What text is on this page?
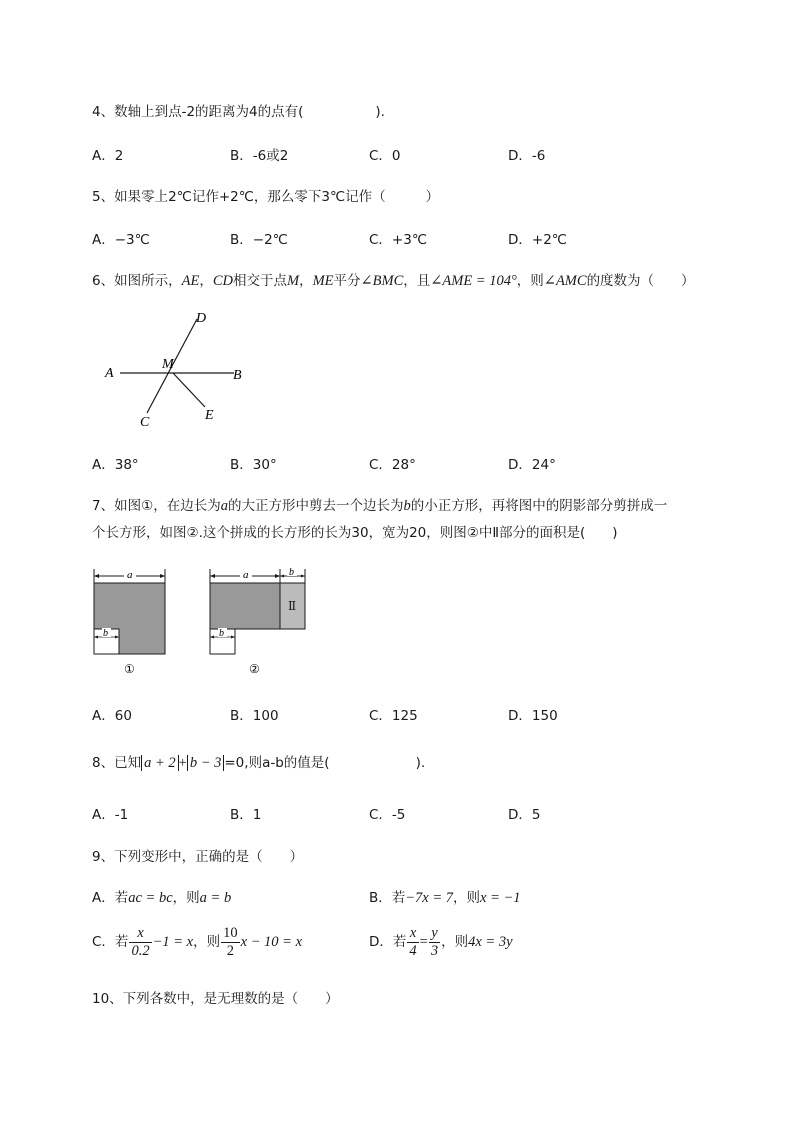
4、数轴上到点-2的距离为4的点有(	).
A．2	B．-6或2	C．0	D．-6
5、如果零上2℃记作+2℃，那么零下3℃记作（	）
A．−3℃	B．−2℃	C．+3℃	D．+2℃
6、如图所示，AE，CD相交于点M，ME平分∠BMC，且∠AME = 104°，则∠AMC的度数为（　　）
D
A
M
B
C	E
A．38°	B．30°	C．28°	D．24°
7、如图①，在边长为a的大正方形中剪去一个边长为b的小正方形，再将图中的阴影部分剪拼成一
个长方形，如图②.这个拼成的长方形的长为30，宽为20，则图②中Ⅱ部分的面积是(　　)
a
b
①
a	b
Ⅱ
b
②
A．60	B．100	C．125	D．150
8、已知 a + 2 + b − 3 =0,则a-b的值是(	).
A．-1	B．1	C．-5	D．5
9、下列变形中，正确的是（　　）
A．若ac = bc，则a = b	B．若−7x = 7，则x = −1
C．若 $\frac{x}{0.2} -1 = x$，则 $\frac{10}{2}$ x − 10 = x	D．若 $\frac{x}{4} = \frac{y}{3}$ ，则4x = 3y
10、下列各数中，是无理数的是（　　）
